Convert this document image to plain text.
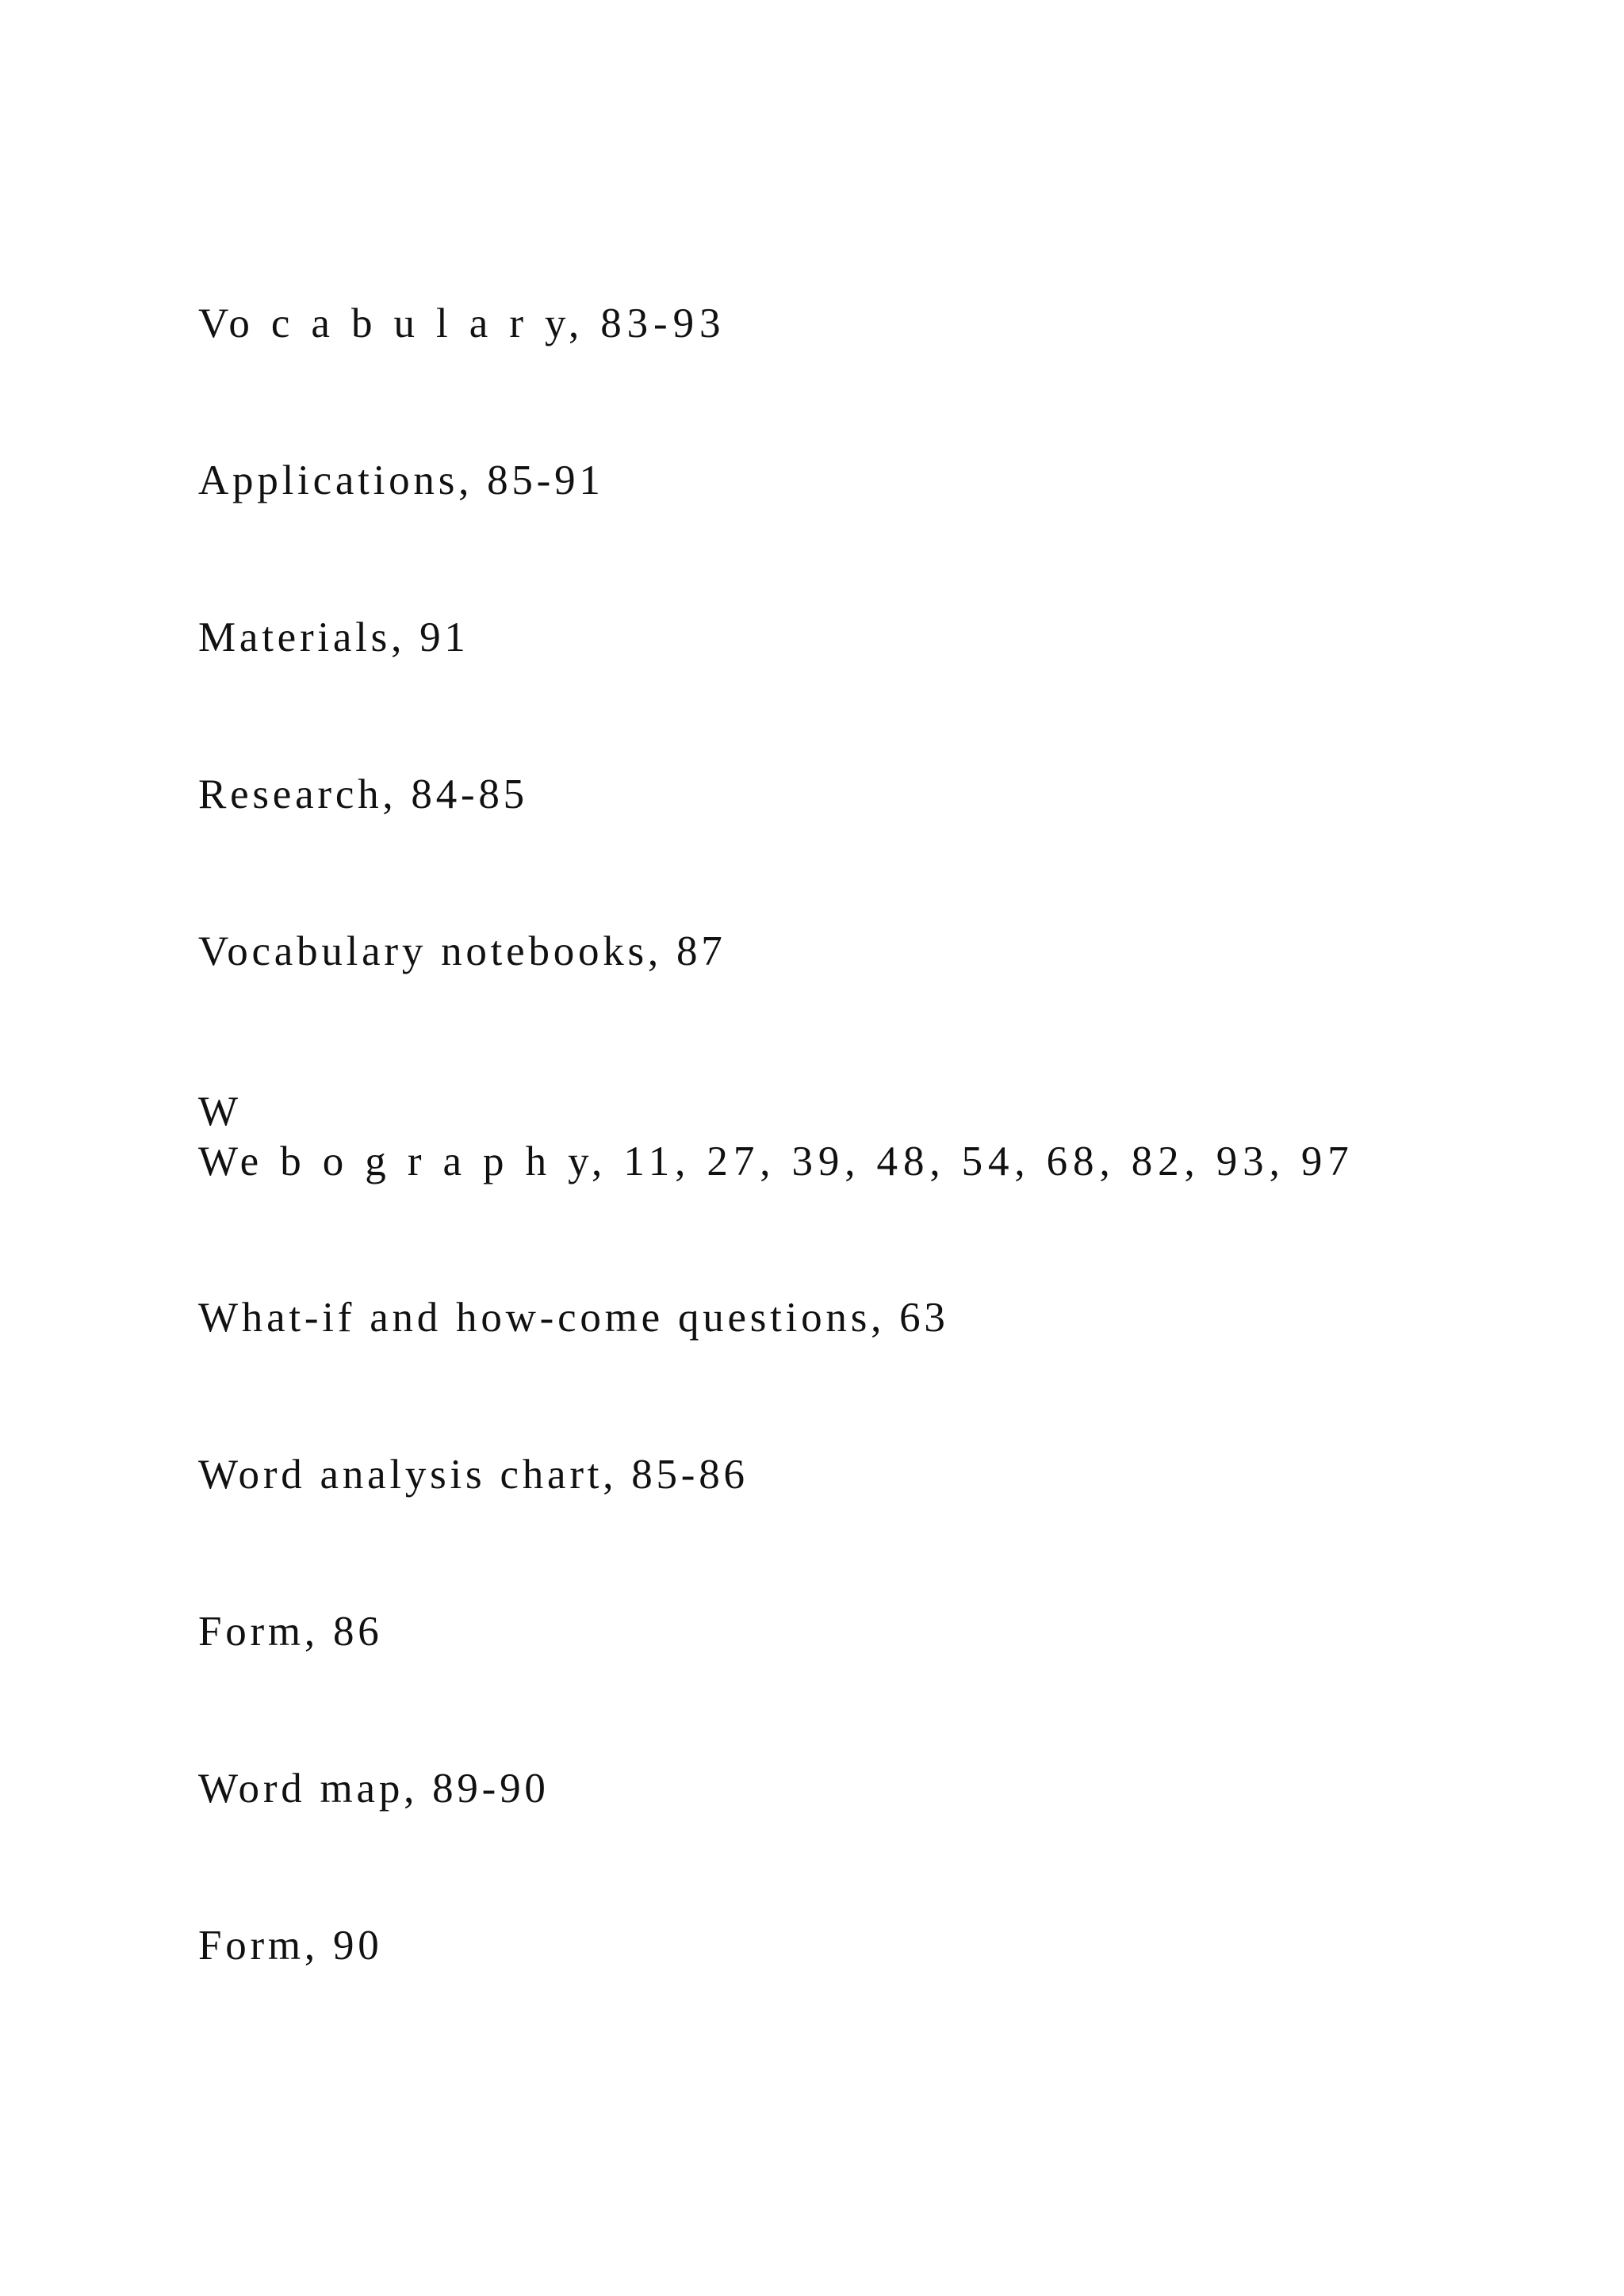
Vo c a b u l a r y, 83-93

Applications, 85-91

Materials, 91

Research, 84-85

Vocabulary notebooks, 87

W

We b o g r a p h y, 11, 27, 39, 48, 54, 68, 82, 93, 97

What-if and how-come questions, 63

Word analysis chart, 85-86

Form, 86

Word map, 89-90

Form, 90
